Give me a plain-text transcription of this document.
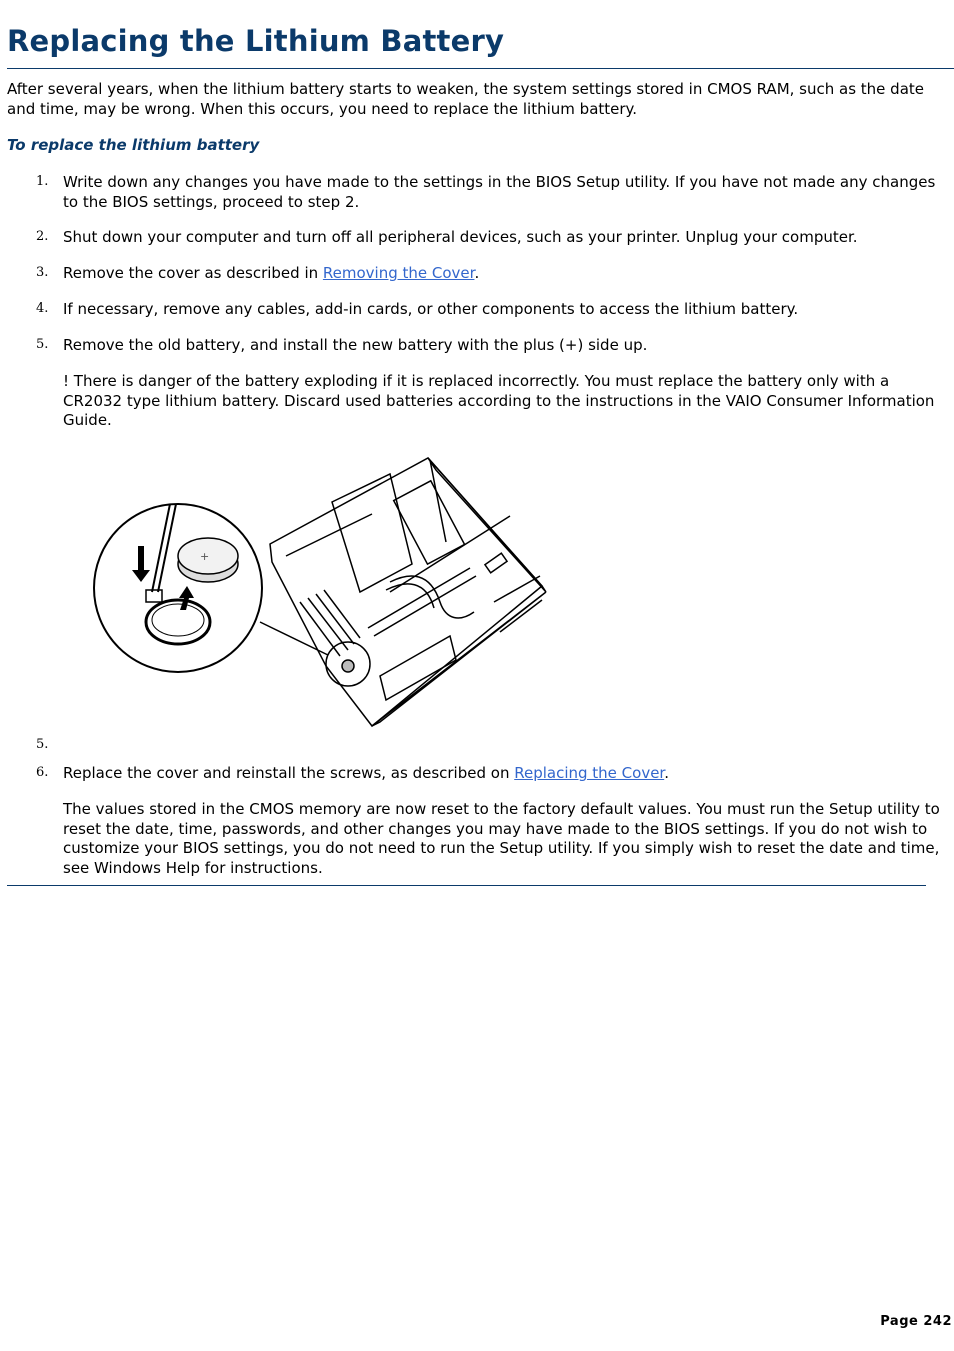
Replacing the Lithium Battery

After several years, when the lithium battery starts to weaken, the system settings stored in CMOS RAM, such as the date and time, may be wrong. When this occurs, you need to replace the lithium battery.

To replace the lithium battery

1. Write down any changes you have made to the settings in the BIOS Setup utility. If you have not made any changes to the BIOS settings, proceed to step 2.

2. Shut down your computer and turn off all peripheral devices, such as your printer. Unplug your computer.

3. Remove the cover as described in Removing the Cover.

4. If necessary, remove any cables, add-in cards, or other components to access the lithium battery.

5. Remove the old battery, and install the new battery with the plus (+) side up.

! There is danger of the battery exploding if it is replaced incorrectly. You must replace the battery only with a CR2032 type lithium battery. Discard used batteries according to the instructions in the VAIO Consumer Information Guide.

+
5.
6. Replace the cover and reinstall the screws, as described on Replacing the Cover.

The values stored in the CMOS memory are now reset to the factory default values. You must run the Setup utility to reset the date, time, passwords, and other changes you may have made to the BIOS settings. If you do not wish to customize your BIOS settings, you do not need to run the Setup utility. If you simply wish to reset the date and time, see Windows Help for instructions.

Page 242
